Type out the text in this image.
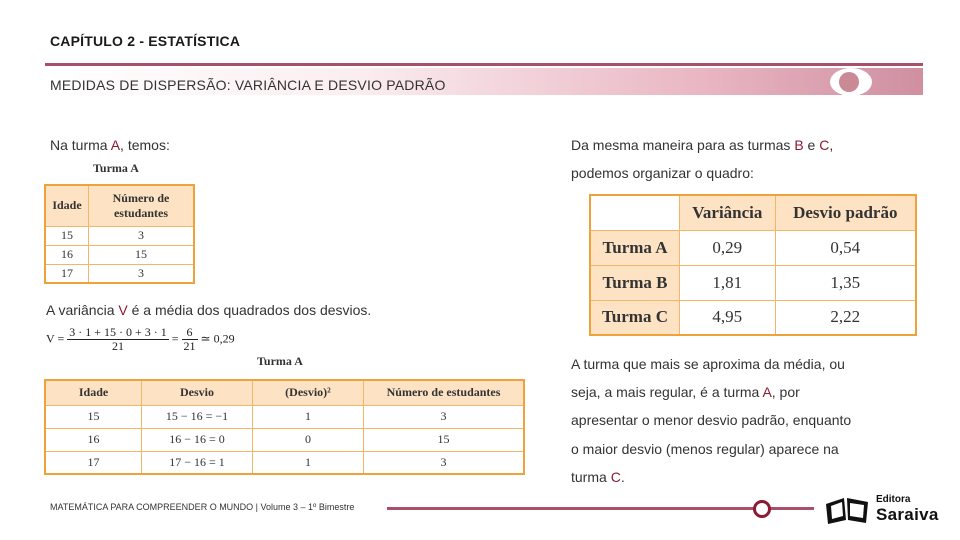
CAPÍTULO 2 - ESTATÍSTICA
MEDIDAS DE DISPERSÃO: VARIÂNCIA E DESVIO PADRÃO
Na turma A, temos:
Turma A
Idade	Número de estudantes
15	3
16	15
17	3
A variância V é a média dos quadrados dos desvios.
$V = \frac{3 \cdot 1 + 15 \cdot 0 + 3 \cdot 1}{21} = \frac{6}{21}$ ≃ 0,29
Turma A
Idade	Desvio	(Desvio)²	Número de estudantes
15	15 − 16 = −1	1	3
16	16 − 16 = 0	0	15
17	17 − 16 = 1	1	3
Da mesma maneira para as turmas B e C,
podemos organizar o quadro:
	Variância	Desvio padrão
Turma A	0,29	0,54
Turma B	1,81	1,35
Turma C	4,95	2,22
A turma que mais se aproxima da média, ou
seja, a mais regular, é a turma A, por
apresentar o menor desvio padrão, enquanto
o maior desvio (menos regular) aparece na
turma C.
MATEMÁTICA PARA COMPREENDER O MUNDO | Volume 3 – 1º Bimestre
Editora
Saraiva
